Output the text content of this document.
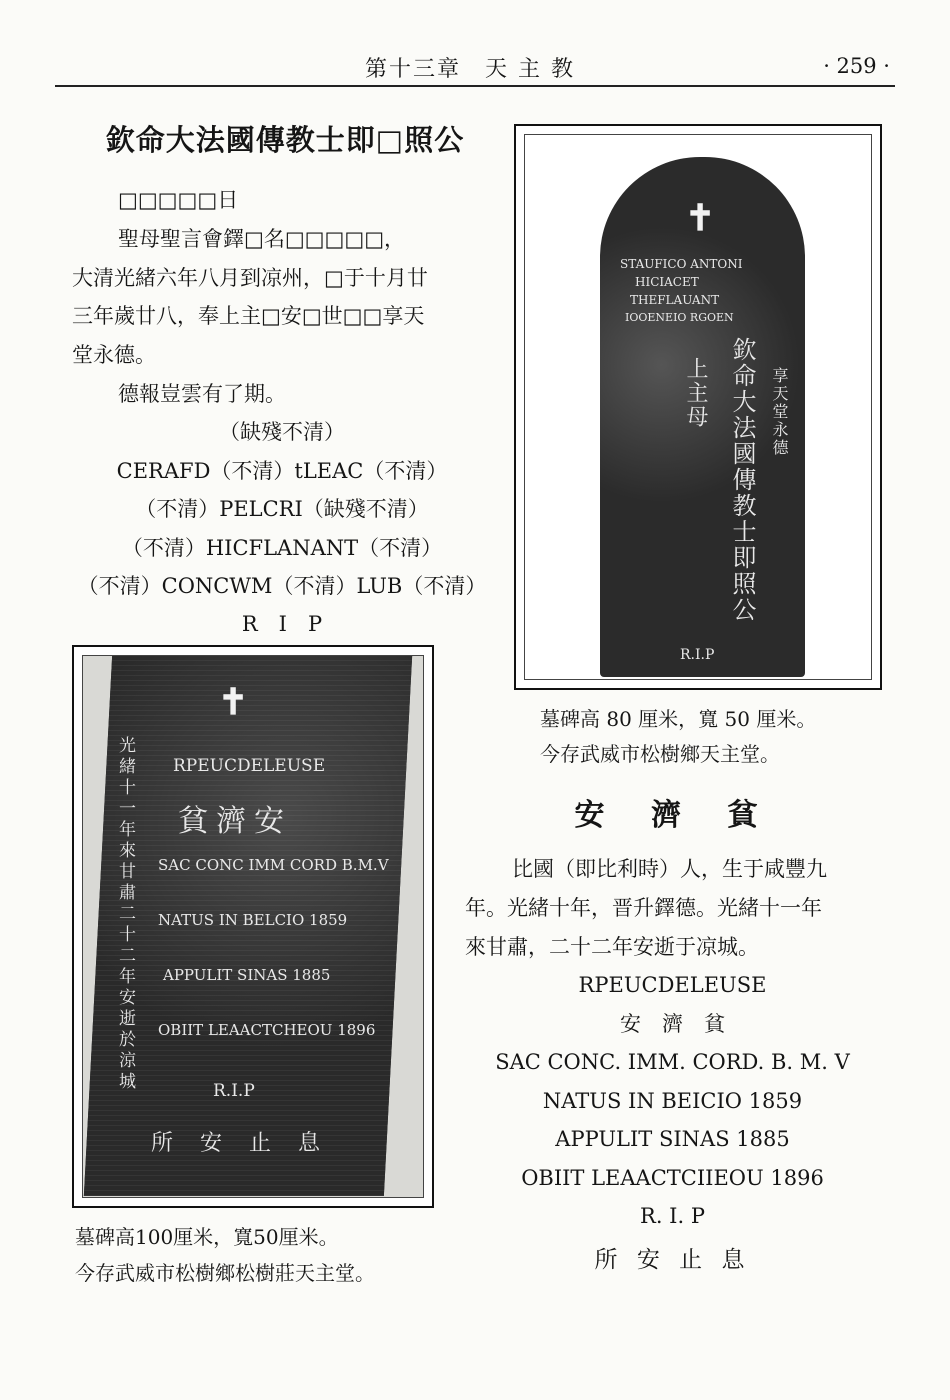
第十三章　天 主 教	· 259 ·
欽命大法國傳教士即□照公
□□□□□日
聖母聖言會鐸□名□□□□□，
大清光緒六年八月到凉州，□于十月廿
三年歲廿八，奉上主□安□世□□享天
堂永德。
德報豈雲有了期。
（缺殘不清）
CERAFD（不清）tLEAC（不清）
（不清）PELCRI（缺殘不清）
（不清）HICFLANANT（不清）
（不清）CONCWM（不清）LUB（不清）
R　I　P
✝
STAUFICO ANTONI
HICIACET
THEFLAUANT
IOOENEIO RGOEN
欽命大法國傳教士即照公
上主母	享天堂永德
R.I.P
墓碑高 80 厘米，寬 50 厘米。
今存武威市松樹鄉天主堂。
✝
RPEUCDELEUSE
貧濟安
SAC CONC IMM CORD B.M.V
NATUS IN BELCIO 1859
APPULIT SINAS 1885
OBIIT LEAACTCHEOU 1896
R.I.P
所 安 止 息
光緒十一年來甘肅二十二年安逝於涼城
墓碑高100厘米，寬50厘米。
今存武威市松樹鄉松樹莊天主堂。
安 濟 貧
比國（即比利時）人，生于咸豐九
年。光緒十年，晋升鐸德。光緒十一年
來甘肅，二十二年安逝于凉城。
RPEUCDELEUSE
安　濟　貧
SAC CONC. IMM. CORD. B. M. V
NATUS IN BEICIO 1859
APPULIT SINAS 1885
OBIIT LEAACTCIIEOU 1896
R. I. P
所 安 止 息
